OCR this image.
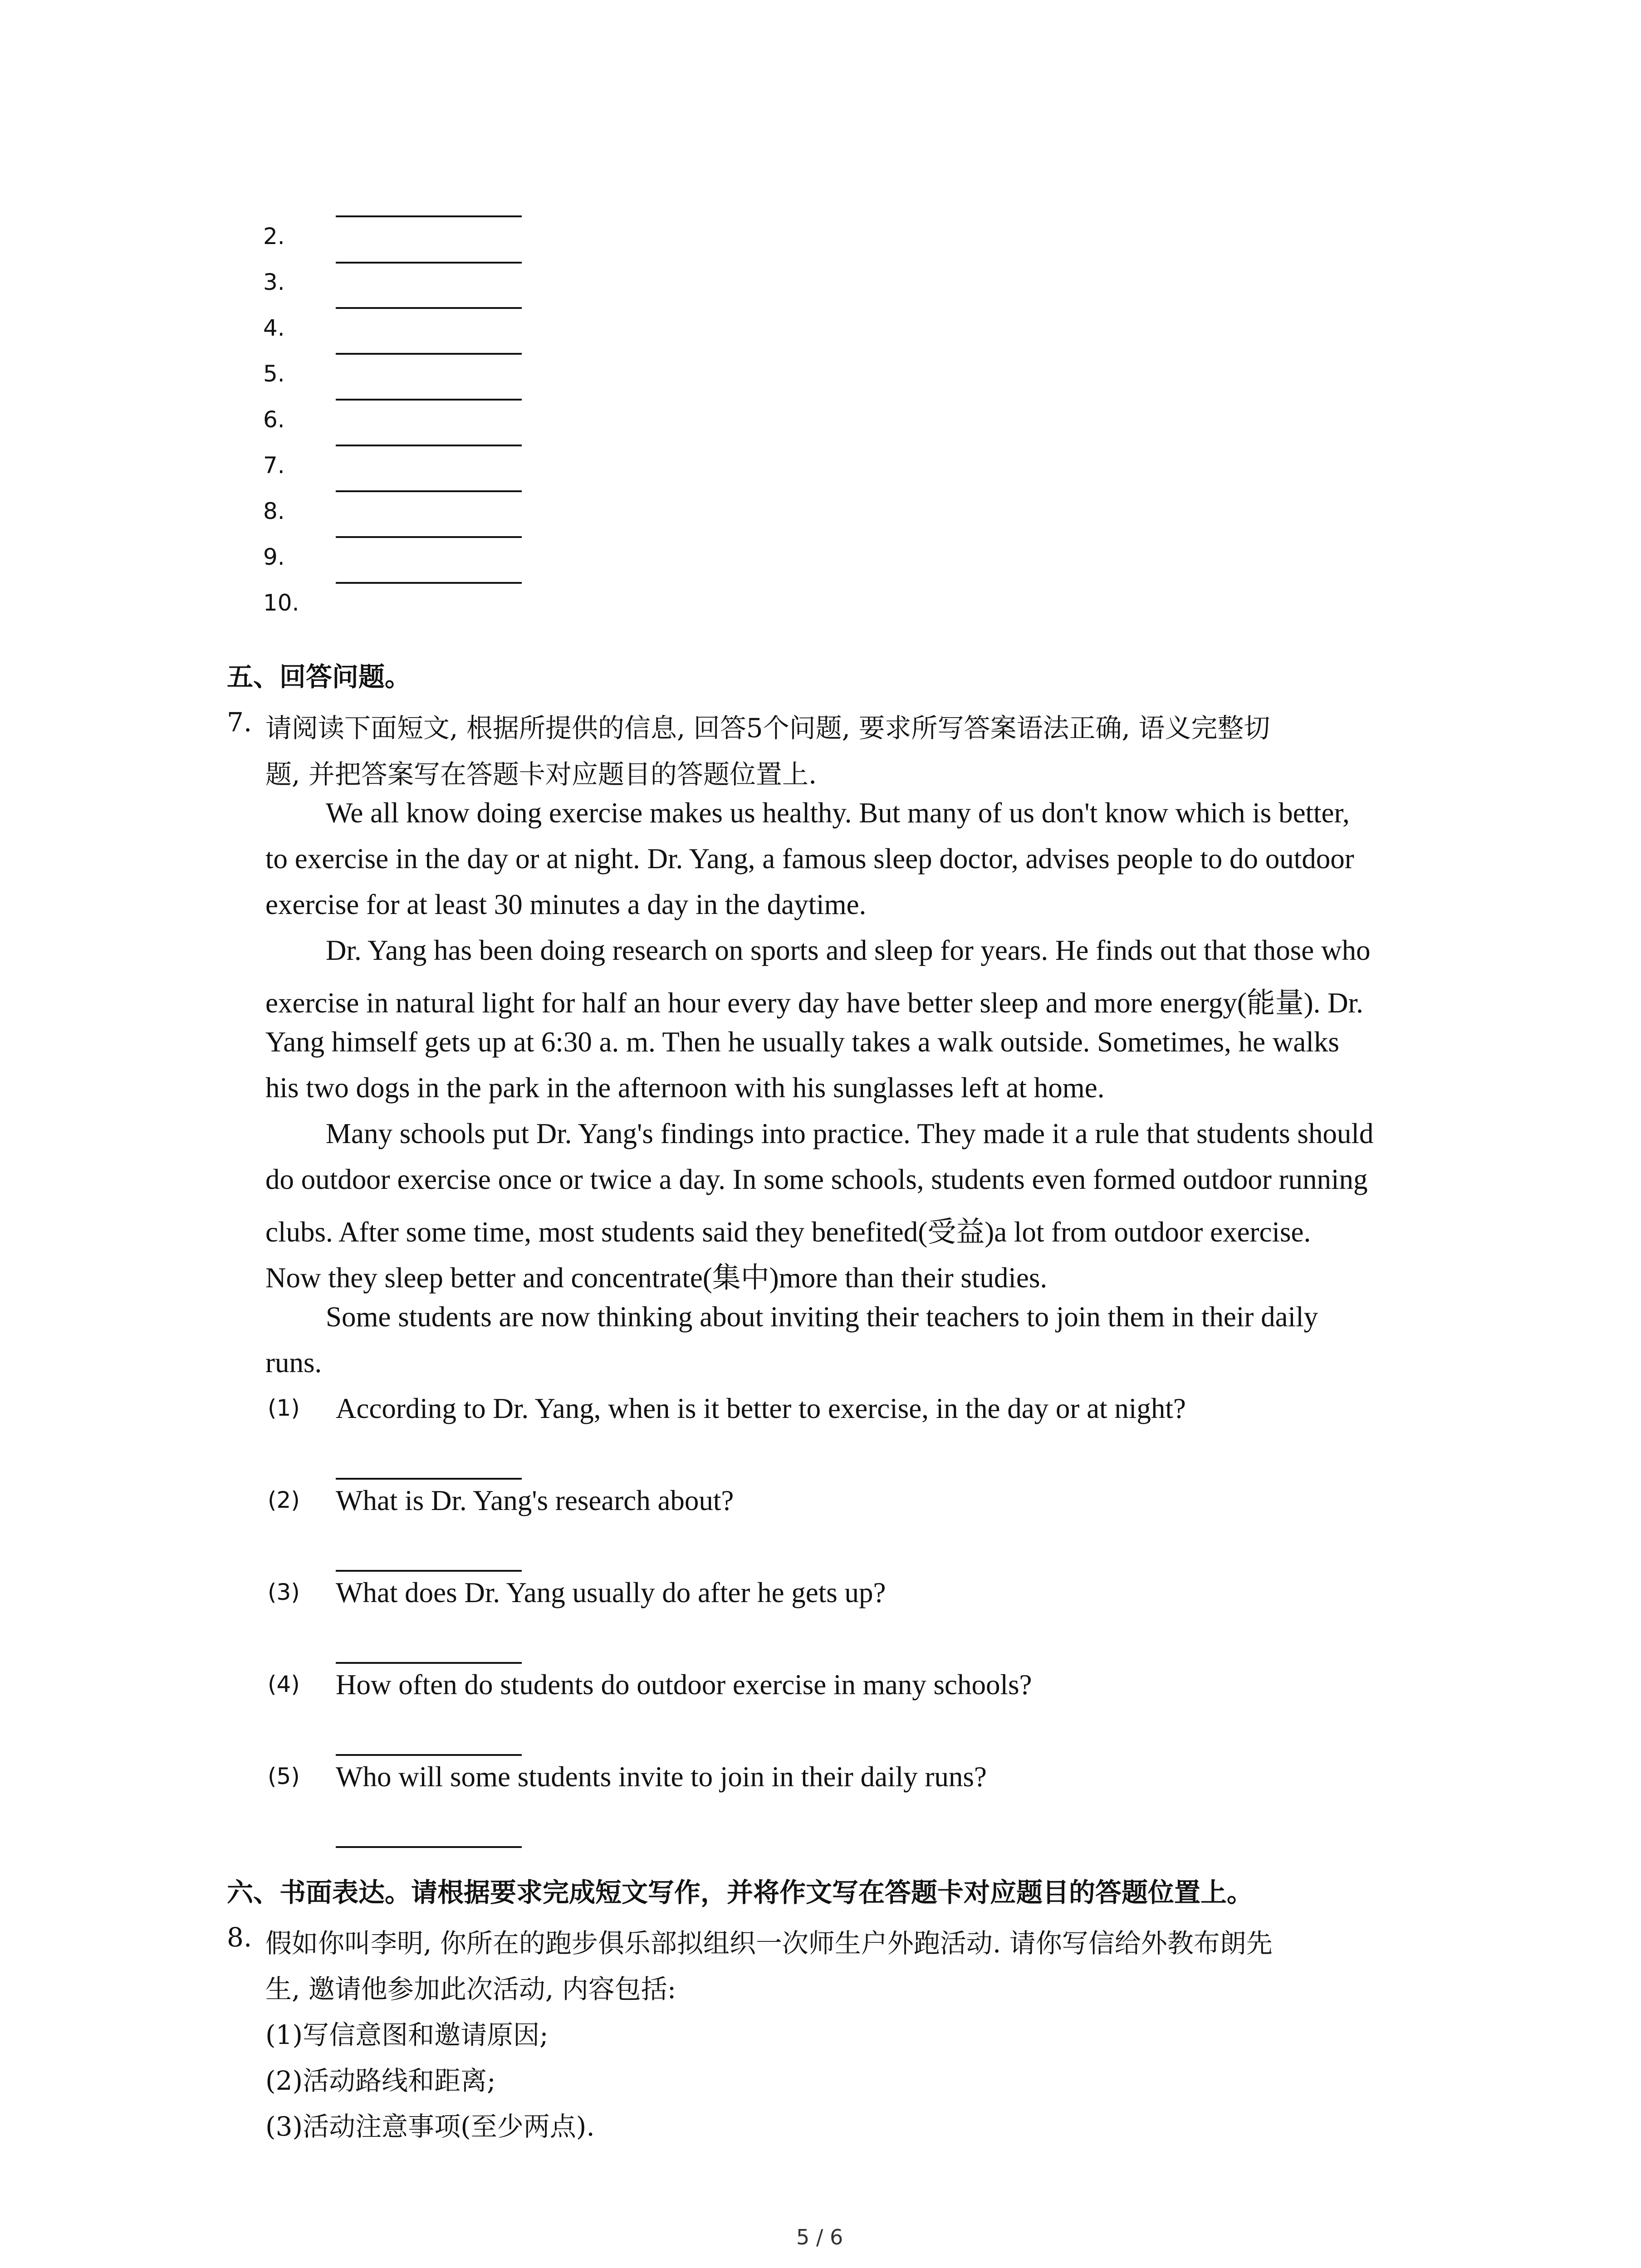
2.
3.
4.
5.
6.
7.
8.
9.
10.
五、回答问题。
7. 请阅读下面短文, 根据所提供的信息, 回答5个问题, 要求所写答案语法正确, 语义完整切
题, 并把答案写在答题卡对应题目的答题位置上.
We all know doing exercise makes us healthy. But many of us don't know which is better,
to exercise in the day or at night. Dr. Yang, a famous sleep doctor, advises people to do outdoor
exercise for at least 30 minutes a day in the daytime.
Dr. Yang has been doing research on sports and sleep for years. He finds out that those who
exercise in natural light for half an hour every day have better sleep and more energy(能量). Dr.
Yang himself gets up at 6:30 a. m. Then he usually takes a walk outside. Sometimes, he walks
his two dogs in the park in the afternoon with his sunglasses left at home.
Many schools put Dr. Yang's findings into practice. They made it a rule that students should
do outdoor exercise once or twice a day. In some schools, students even formed outdoor running
clubs. After some time, most students said they benefited(受益)a lot from outdoor exercise.
Now they sleep better and concentrate(集中)more than their studies.
Some students are now thinking about inviting their teachers to join them in their daily
runs.
(1) According to Dr. Yang, when is it better to exercise, in the day or at night?
(2) What is Dr. Yang's research about?
(3) What does Dr. Yang usually do after he gets up?
(4) How often do students do outdoor exercise in many schools?
(5) Who will some students invite to join in their daily runs?
六、书面表达。请根据要求完成短文写作，并将作文写在答题卡对应题目的答题位置上。
8. 假如你叫李明, 你所在的跑步俱乐部拟组织一次师生户外跑活动. 请你写信给外教布朗先
生, 邀请他参加此次活动, 内容包括:
(1)写信意图和邀请原因;
(2)活动路线和距离;
(3)活动注意事项(至少两点).
5 / 6
